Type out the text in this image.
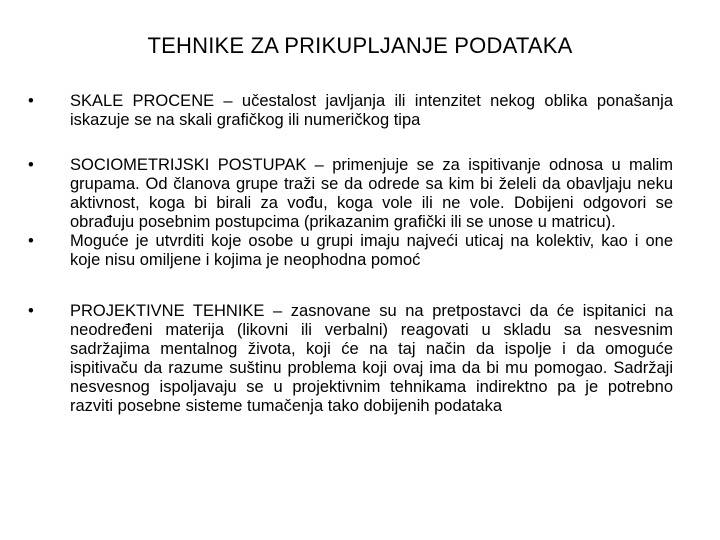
TEHNIKE ZA PRIKUPLJANJE PODATAKA
• SKALE PROCENE – učestalost javljanja ili intenzitet nekog oblika ponašanja iskazuje se na skali grafičkog ili numeričkog tipa
• SOCIOMETRIJSKI POSTUPAK – primenjuje se za ispitivanje odnosa u malim grupama. Od članova grupe traži se da odrede sa kim bi želeli da obavljaju neku aktivnost, koga bi birali za vođu, koga vole ili ne vole. Dobijeni odgovori se obrađuju posebnim postupcima (prikazanim grafički ili se unose u matricu).
• Moguće je utvrditi koje osobe u grupi imaju najveći uticaj na kolektiv, kao i one koje nisu omiljene i kojima je neophodna pomoć
• PROJEKTIVNE TEHNIKE – zasnovane su na pretpostavci da će ispitanici na neodređeni materija (likovni ili verbalni) reagovati u skladu sa nesvesnim sadržajima mentalnog života, koji će na taj način da ispolje i da omoguće ispitivaču da razume suštinu problema koji ovaj ima da bi mu pomogao. Sadržaji nesvesnog ispoljavaju se u projektivnim tehnikama indirektno pa je potrebno razviti posebne sisteme tumačenja tako dobijenih podataka
